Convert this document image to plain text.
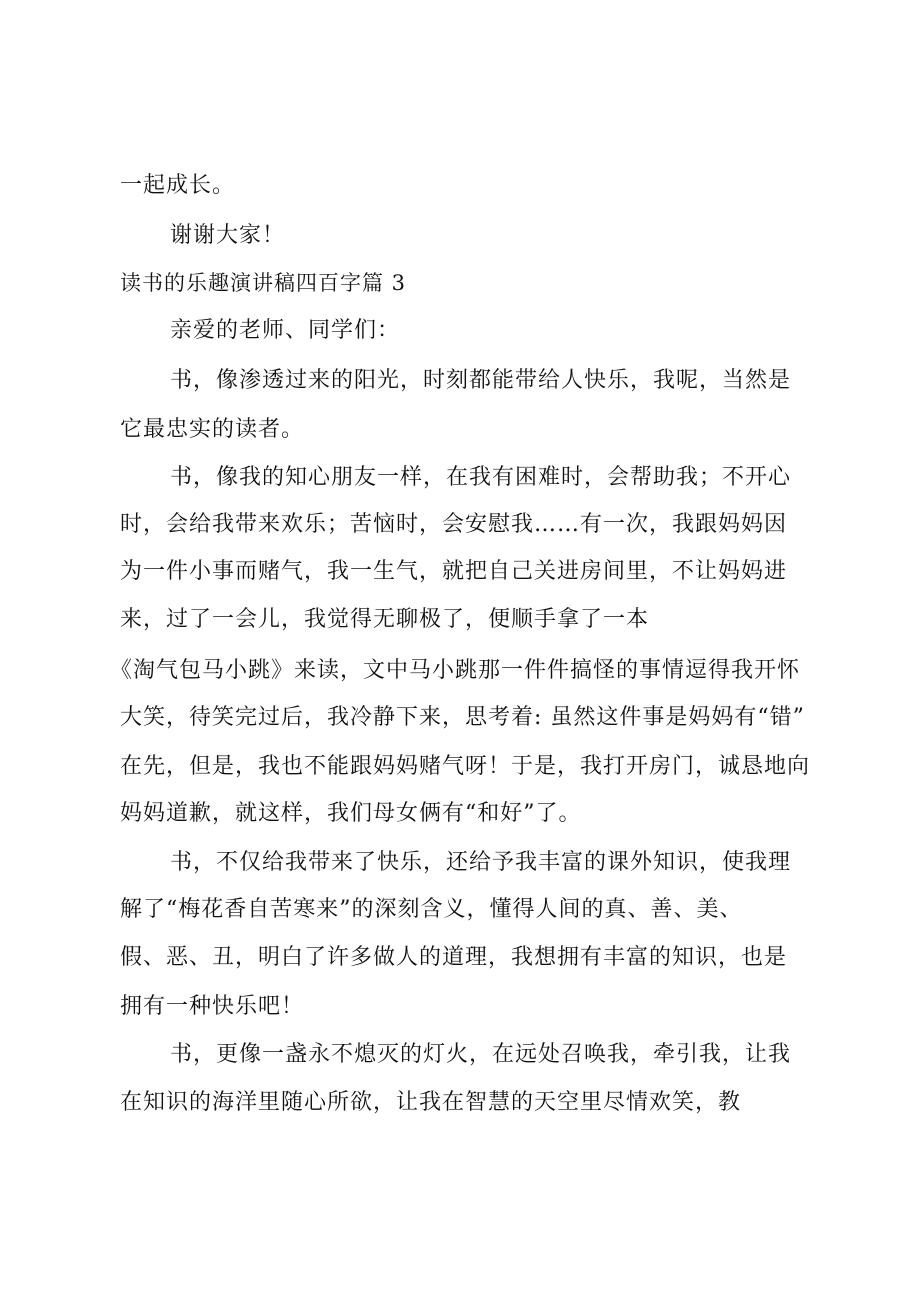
一起成长。
谢谢大家！
读书的乐趣演讲稿四百字篇 3
亲爱的老师、同学们：
书，像渗透过来的阳光，时刻都能带给人快乐，我呢，当然是
它最忠实的读者。
书，像我的知心朋友一样，在我有困难时，会帮助我；不开心
时，会给我带来欢乐；苦恼时，会安慰我……有一次，我跟妈妈因
为一件小事而赌气，我一生气，就把自己关进房间里，不让妈妈进
来，过了一会儿，我觉得无聊极了，便顺手拿了一本
《淘气包马小跳》来读，文中马小跳那一件件搞怪的事情逗得我开怀
大笑，待笑完过后，我冷静下来，思考着: 虽然这件事是妈妈有“错”
在先，但是，我也不能跟妈妈赌气呀！于是，我打开房门，诚恳地向
妈妈道歉，就这样，我们母女俩有“和好”了。
书，不仅给我带来了快乐，还给予我丰富的课外知识，使我理
解了“梅花香自苦寒来”的深刻含义，懂得人间的真、善、美、
假、恶、丑，明白了许多做人的道理，我想拥有丰富的知识，也是
拥有一种快乐吧！
书，更像一盏永不熄灭的灯火，在远处召唤我，牵引我，让我
在知识的海洋里随心所欲，让我在智慧的天空里尽情欢笑，教
